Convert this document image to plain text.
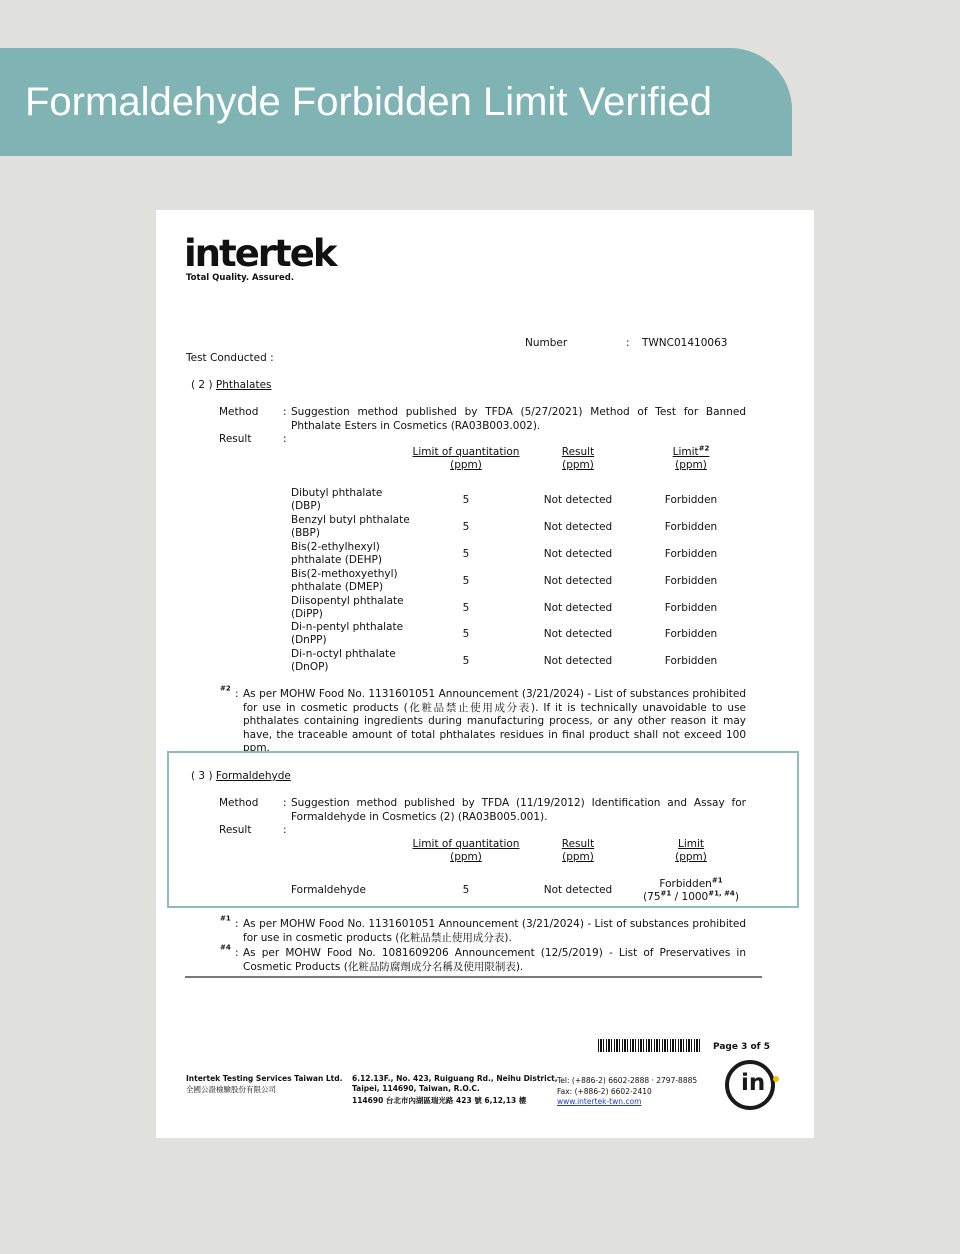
Formaldehyde Forbidden Limit Verified
intertek
Total Quality. Assured.
Number	: TWNC01410063
Test Conducted :
( 2 ) Phthalates
Method : Suggestion method published by TFDA (5/27/2021) Method of Test for Banned Phthalate Esters in Cosmetics (RA03B003.002).
Result	:
Limit of quantitation
(ppm)
Result
(ppm)
Limit$^{\#2}$
(ppm)
Dibutyl phthalate
(DBP)	5	Not detected	Forbidden
Benzyl butyl phthalate
(BBP)	5	Not detected	Forbidden
Bis(2-ethylhexyl)
phthalate (DEHP)	5	Not detected	Forbidden
Bis(2-methoxyethyl)
phthalate (DMEP)	5	Not detected	Forbidden
Diisopentyl phthalate
(DiPP)	5	Not detected	Forbidden
Di-n-pentyl phthalate
(DnPP)	5	Not detected	Forbidden
Di-n-octyl phthalate
(DnOP)	5	Not detected	Forbidden
$^{\#2}$ : As per MOHW Food No. 1131601051 Announcement (3/21/2024) - List of substances prohibited for use in cosmetic products (化粧品禁止使用成分表). If it is technically unavoidable to use phthalates containing ingredients during manufacturing process, or any other reason it may have, the traceable amount of total phthalates residues in final product shall not exceed 100 ppm.
( 3 ) Formaldehyde
Method : Suggestion method published by TFDA (11/19/2012) Identification and Assay for Formaldehyde in Cosmetics (2) (RA03B005.001).
Result	:
Limit of quantitation
(ppm)
Result
(ppm)
Limit
(ppm)
Formaldehyde	5	Not detected	Forbidden$^{\#1}$
$(75^{\#1} / 1000^{\#1, \#4})$
$^{\#1}$ : As per MOHW Food No. 1131601051 Announcement (3/21/2024) - List of substances prohibited for use in cosmetic products (化粧品禁止使用成分表).
$^{\#4}$ : As per MOHW Food No. 1081609206 Announcement (12/5/2019) - List of Preservatives in Cosmetic Products (化粧品防腐劑成分名稱及使用限制表).
Page 3 of 5
Intertek Testing Services Taiwan Ltd.
全國公證檢驗股份有限公司
6.12.13F., No. 423, Ruiguang Rd., Neihu District,
Taipei, 114690, Taiwan, R.O.C.
114690 台北市內湖區瑞光路 423 號 6,12,13 樓
Tel: (+886-2) 6602-2888 · 2797-8885
Fax: (+886-2) 6602-2410
www.intertek-twn.com
in
